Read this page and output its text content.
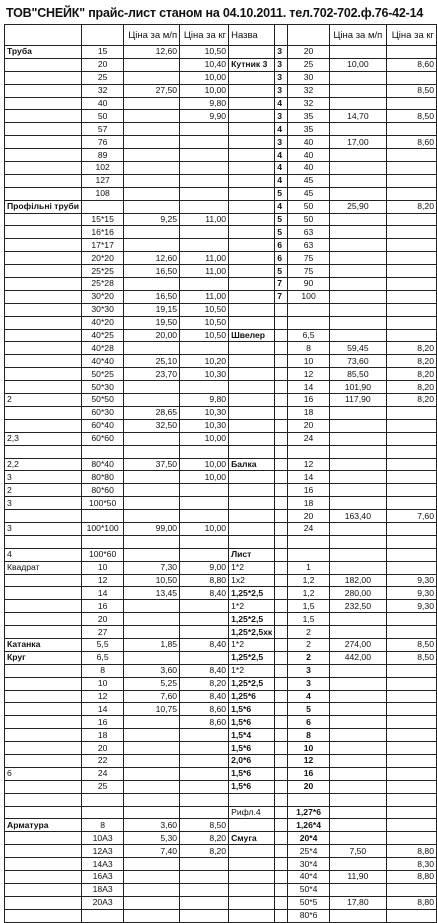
ТОВ"СНЕЙК" прайс-лист станом на 04.10.2011. тел.702-702.ф.76-42-14
		Ціна за м/п	Ціна за кг	Назва			Ціна за м/п	Ціна за кг
Труба	15	12,60	10,50		3	20		
	20		10,40	Кутник 3	3	25	10,00	8,60
	25		10,00		3	30		
	32	27,50	10,00		3	32		8,50
	40		9,80		4	32		
	50		9,90		3	35	14,70	8,50
	57				4	35		
	76				3	40	17,00	8,60
	89				4	40		
	102				4	40		
	127				4	45		
	108				5	45		
Профільні труби					4	50	25,90	8,20
	15*15	9,25	11,00		5	50		
	16*16				5	63		
	17*17				6	63		
	20*20	12,60	11,00		6	75		
	25*25	16,50	11,00		5	75		
	25*28				7	90		
	30*20	16,50	11,00		7	100		
	30*30	19,15	10,50					
	40*20	19,50	10,50					
	40*25	20,00	10,50	Швелер		6,5		
	40*28					8	59,45	8,20
	40*40	25,10	10,20			10	73,60	8,20
	50*25	23,70	10,30			12	85,50	8,20
	50*30					14	101,90	8,20
2	50*50		9,80			16	117,90	8,20
	60*30	28,65	10,30			18		
	60*40	32,50	10,30			20		
2,3	60*60		10,00			24		

2,2	80*40	37,50	10,00	Балка		12		
3	80*80		10,00			14		
2	80*60					16		
3	100*50					18		
						20	163,40	7,60
3	100*100	99,00	10,00			24		

4	100*60			Лист				
Квадрат	10	7,30	9,00	1*2		1		
	12	10,50	8,80	1х2		1,2	182,00	9,30
	14	13,45	8,40	1,25*2,5		1,2	280,00	9,30
	16			1*2		1,5	232,50	9,30
	20			1,25*2,5		1,5		
	27			1,25*2,5хк		2		
Катанка	5,5	1,85	8,40	1*2		2	274,00	8,50
Круг	6,5			1,25*2,5		2	442,00	8,50
	8	3,60	8,40	1*2		3		
	10	5,25	8,20	1,25*2,5		3		
	12	7,60	8,40	1,25*6		4		
	14	10,75	8,60	1,5*6		5		
	16		8,60	1,5*6		6		
	18			1,5*4		8		
	20			1,5*6		10		
	22			2,0*6		12		
6	24			1,5*6		16		
	25			1,5*6		20		

				Рифл.4		1,27*6		
Арматура	8	3,60	8,50			1,26*4		
	10А3	5,30	8,20	Смуга		20*4		
	12А3	7,40	8,20			25*4	7,50	8,80
	14А3					30*4		8,30
	16А3					40*4	11,90	8,80
	18А3					50*4		
	20А3					50*5	17,80	8,80
						80*6		
